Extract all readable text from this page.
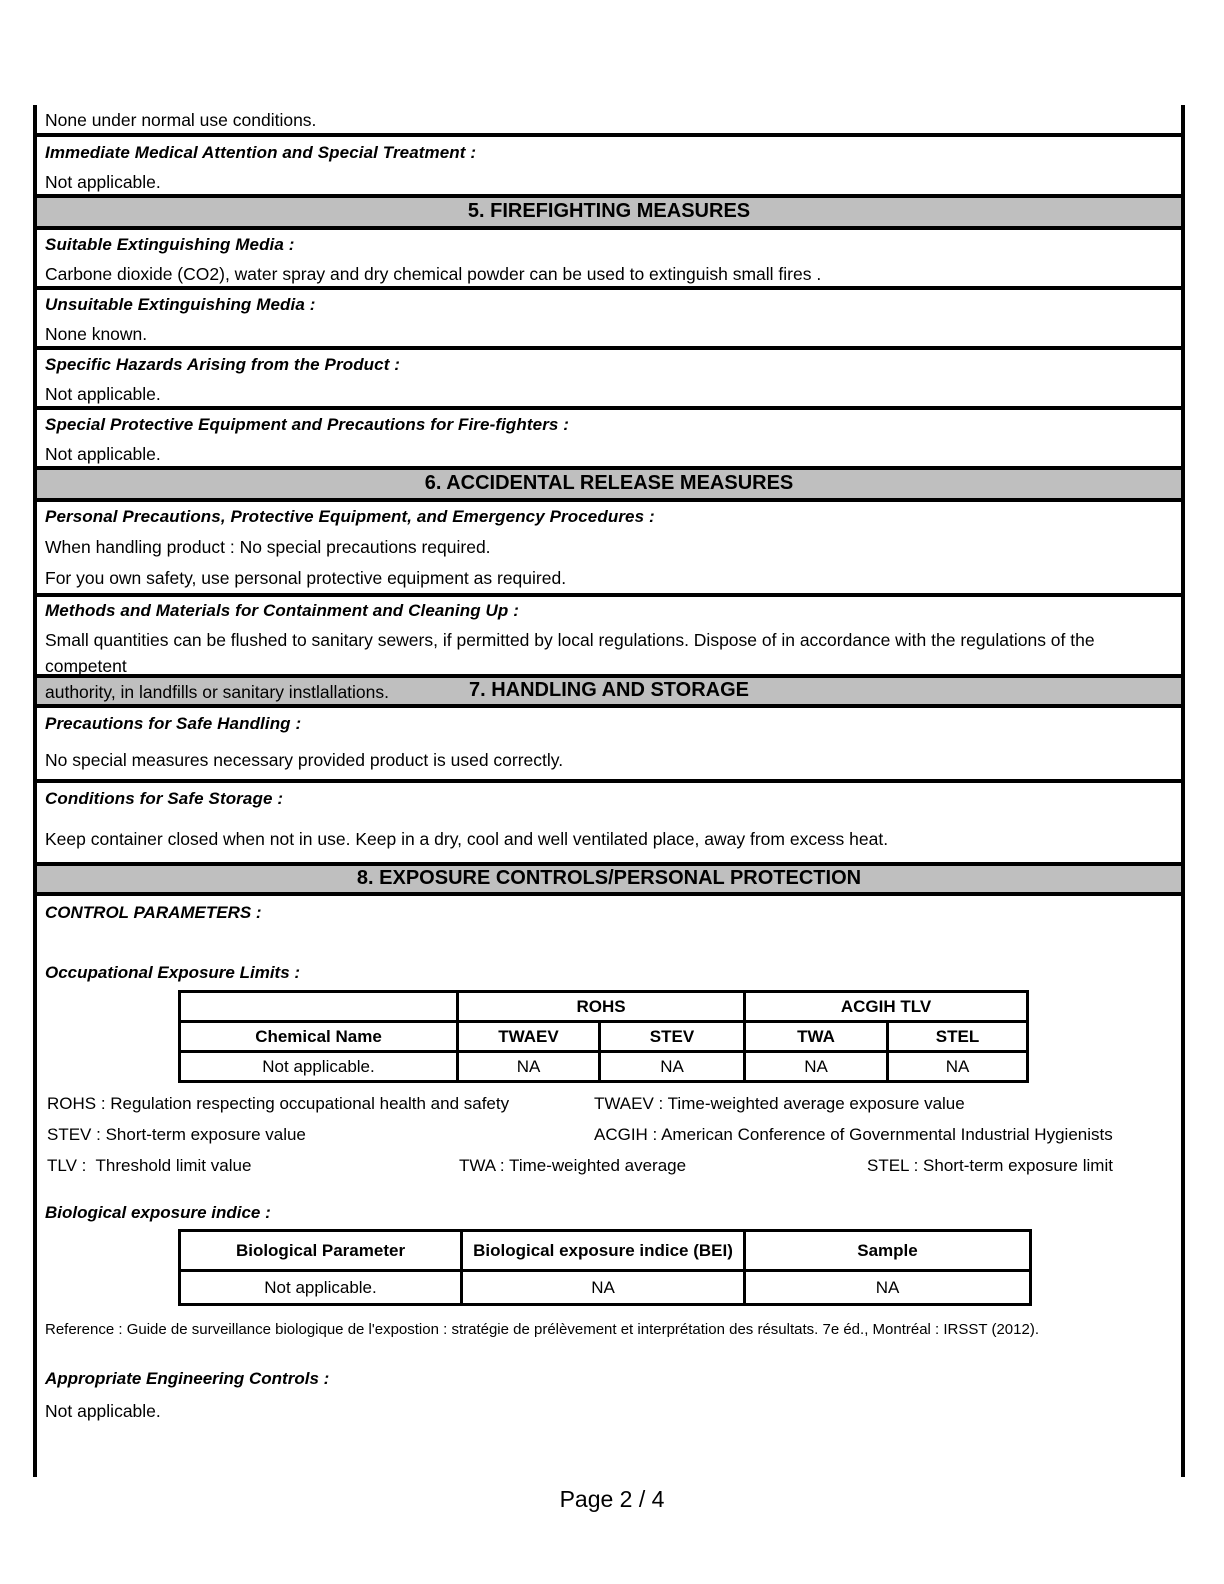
None under normal use conditions.
Immediate Medical Attention and Special Treatment :
Not applicable.
5. FIREFIGHTING MEASURES
Suitable Extinguishing Media :
Carbone dioxide (CO2), water spray and dry chemical powder can be used to extinguish small fires .
Unsuitable Extinguishing Media :
None known.
Specific Hazards Arising from the Product :
Not applicable.
Special Protective Equipment and Precautions for Fire-fighters :
Not applicable.
6. ACCIDENTAL RELEASE MEASURES
Personal Precautions, Protective Equipment, and Emergency Procedures :
When handling product : No special precautions required.
For you own safety, use personal protective equipment as required.
Methods and Materials for Containment and Cleaning Up :
Small quantities can be flushed to sanitary sewers, if permitted by local regulations. Dispose of in accordance with the regulations of the competent
authority, in landfills or sanitary instlallations.	7. HANDLING AND STORAGE
Precautions for Safe Handling :
No special measures necessary provided product is used correctly.
Conditions for Safe Storage :
Keep container closed when not in use. Keep in a dry, cool and well ventilated place, away from excess heat.
8. EXPOSURE CONTROLS/PERSONAL PROTECTION
CONTROL PARAMETERS :
Occupational Exposure Limits :
	ROHS		ACGIH TLV	
Chemical Name	TWAEV	STEV	TWA	STEL
Not applicable.	NA	NA	NA	NA

ROHS : Regulation respecting occupational health and safety

	TWAEV : Time-weighted average exposure value

STEV : Short-term exposure value

	ACGIH : American Conference of Governmental Industrial Hygienists

TLV :  Threshold limit value

	TWA : Time-weighted average

	STEL : Short-term exposure limit

Biological exposure indice :
Biological Parameter	Biological exposure indice (BEI)	Sample
Not applicable.	NA	NA
Reference : Guide de surveillance biologique de l'expostion : stratégie de prélèvement et interprétation des résultats. 7e éd., Montréal : IRSST (2012).
Appropriate Engineering Controls :
Not applicable.
Page 2 / 4
